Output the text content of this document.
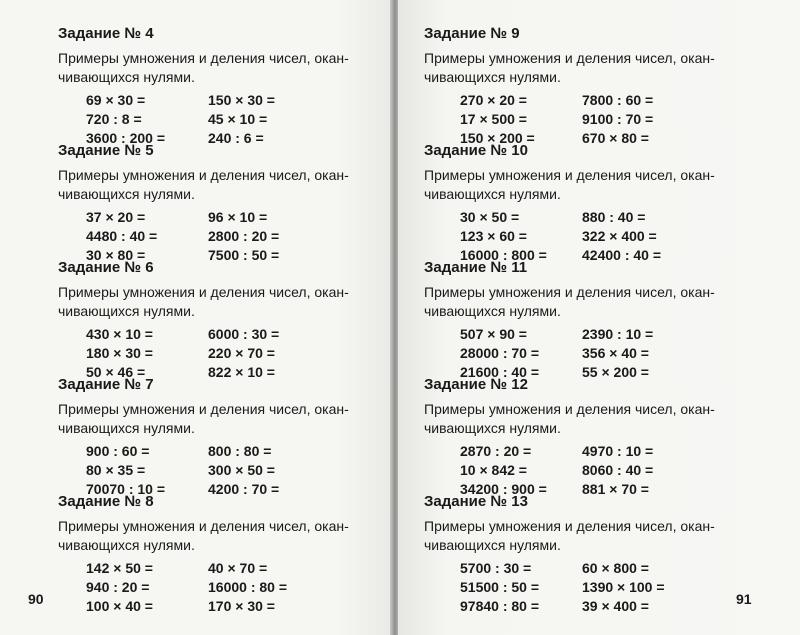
Задание № 4
Примеры умножения и деления чисел, окан-
чивающихся нулями.
69 × 30 =	150 × 30 =
720 : 8 =	45 × 10 =
3600 : 200 =	240 : 6 =
Задание № 5
Примеры умножения и деления чисел, окан-
чивающихся нулями.
37 × 20 =	96 × 10 =
4480 : 40 =	2800 : 20 =
30 × 80 =	7500 : 50 =
Задание № 6
Примеры умножения и деления чисел, окан-
чивающихся нулями.
430 × 10 =	6000 : 30 =
180 × 30 =	220 × 70 =
50 × 46 =	822 × 10 =
Задание № 7
Примеры умножения и деления чисел, окан-
чивающихся нулями.
900 : 60 =	800 : 80 =
80 × 35 =	300 × 50 =
70070 : 10 =	4200 : 70 =
Задание № 8
Примеры умножения и деления чисел, окан-
чивающихся нулями.
142 × 50 =	40 × 70 =
940 : 20 =	16000 : 80 =
100 × 40 =	170 × 30 =
90
Задание № 9
Примеры умножения и деления чисел, окан-
чивающихся нулями.
270 × 20 =	7800 : 60 =
17 × 500 =	9100 : 70 =
150 × 200 =	670 × 80 =
Задание № 10
Примеры умножения и деления чисел, окан-
чивающихся нулями.
30 × 50 =	880 : 40 =
123 × 60 =	322 × 400 =
16000 : 800 =	42400 : 40 =
Задание № 11
Примеры умножения и деления чисел, окан-
чивающихся нулями.
507 × 90 =	2390 : 10 =
28000 : 70 =	356 × 40 =
21600 : 40 =	55 × 200 =
Задание № 12
Примеры умножения и деления чисел, окан-
чивающихся нулями.
2870 : 20 =	4970 : 10 =
10 × 842 =	8060 : 40 =
34200 : 900 =	881 × 70 =
Задание № 13
Примеры умножения и деления чисел, окан-
чивающихся нулями.
5700 : 30 =	60 × 800 =
51500 : 50 =	1390 × 100 =
97840 : 80 =	39 × 400 =	91
